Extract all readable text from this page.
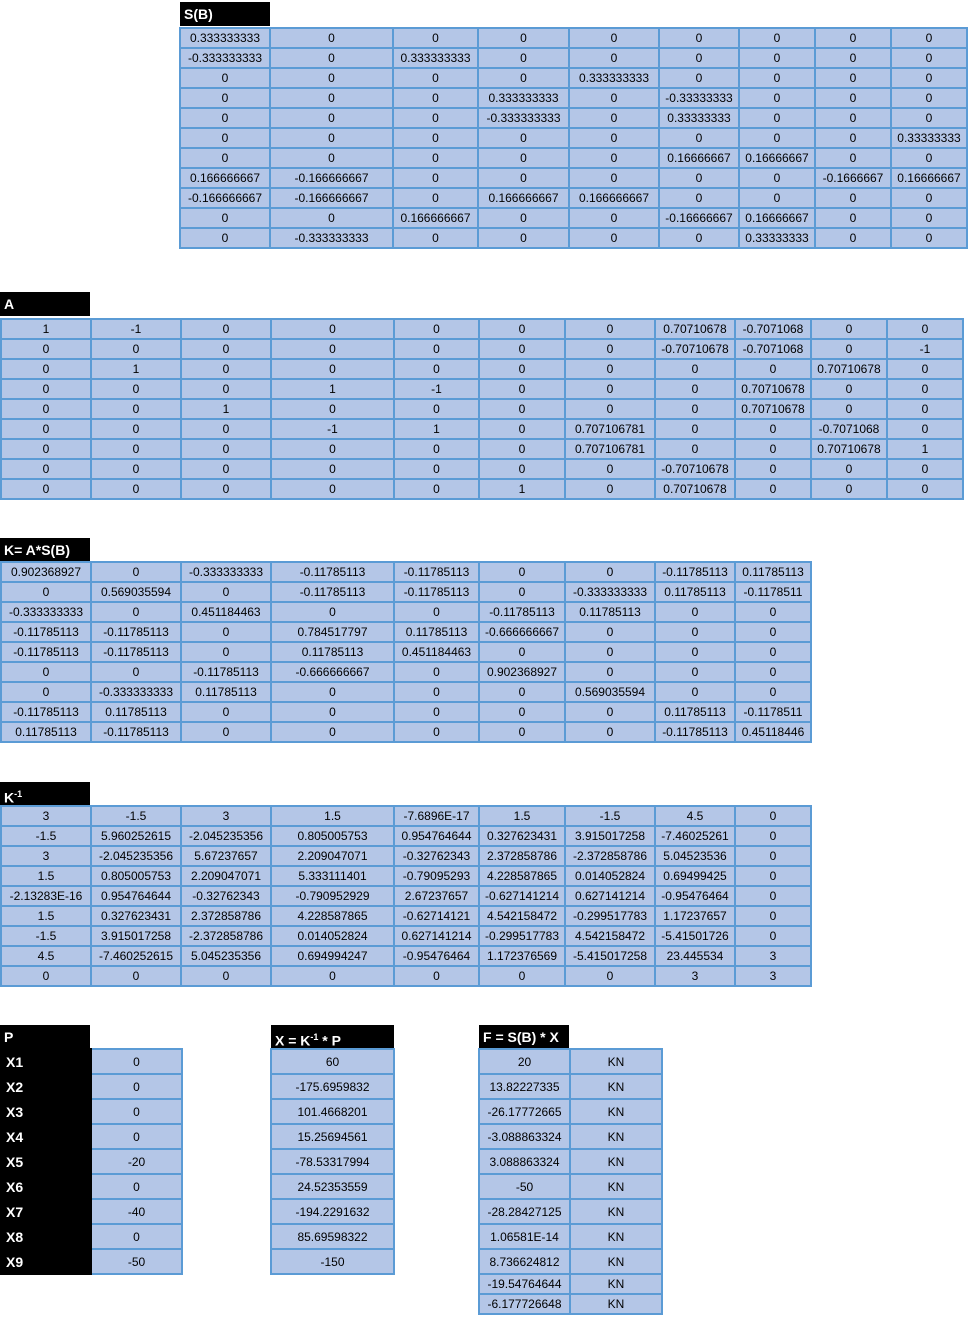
S(B)
0.333333333	0	0	0	0	0	0	0	0
-0.333333333	0	0.333333333	0	0	0	0	0	0
0	0	0	0	0.333333333	0	0	0	0
0	0	0	0.333333333	0	-0.33333333	0	0	0
0	0	0	-0.333333333	0	0.33333333	0	0	0
0	0	0	0	0	0	0	0	0.33333333
0	0	0	0	0	0.16666667	0.16666667	0	0
0.166666667	-0.166666667	0	0	0	0	0	-0.1666667	0.16666667
-0.166666667	-0.166666667	0	0.166666667	0.166666667	0	0	0	0
0	0	0.166666667	0	0	-0.16666667	0.16666667	0	0
0	-0.333333333	0	0	0	0	0.33333333	0	0
A
1	-1	0	0	0	0	0	0.70710678	-0.7071068	0	0
0	0	0	0	0	0	0	-0.70710678	-0.7071068	0	-1
0	1	0	0	0	0	0	0	0	0.70710678	0
0	0	0	1	-1	0	0	0	0.70710678	0	0
0	0	1	0	0	0	0	0	0.70710678	0	0
0	0	0	-1	1	0	0.707106781	0	0	-0.7071068	0
0	0	0	0	0	0	0.707106781	0	0	0.70710678	1
0	0	0	0	0	0	0	-0.70710678	0	0	0
0	0	0	0	0	1	0	0.70710678	0	0	0
K= A*S(B)
0.902368927	0	-0.333333333	-0.11785113	-0.11785113	0	0	-0.11785113	0.11785113
0	0.569035594	0	-0.11785113	-0.11785113	0	-0.333333333	0.11785113	-0.1178511
-0.333333333	0	0.451184463	0	0	-0.11785113	0.11785113	0	0
-0.11785113	-0.11785113	0	0.784517797	0.11785113	-0.666666667	0	0	0
-0.11785113	-0.11785113	0	0.11785113	0.451184463	0	0	0	0
0	0	-0.11785113	-0.666666667	0	0.902368927	0	0	0
0	-0.333333333	0.11785113	0	0	0	0.569035594	0	0
-0.11785113	0.11785113	0	0	0	0	0	0.11785113	-0.1178511
0.11785113	-0.11785113	0	0	0	0	0	-0.11785113	0.45118446
$K^{-1}$
3	-1.5	3	1.5	-7.6896E-17	1.5	-1.5	4.5	0
-1.5	5.960252615	-2.045235356	0.805005753	0.954764644	0.327623431	3.915017258	-7.46025261	0
3	-2.045235356	5.67237657	2.209047071	-0.32762343	2.372858786	-2.372858786	5.04523536	0
1.5	0.805005753	2.209047071	5.333111401	-0.79095293	4.228587865	0.014052824	0.69499425	0
-2.13283E-16	0.954764644	-0.32762343	-0.790952929	2.67237657	-0.627141214	0.627141214	-0.95476464	0
1.5	0.327623431	2.372858786	4.228587865	-0.62714121	4.542158472	-0.299517783	1.17237657	0
-1.5	3.915017258	-2.372858786	0.014052824	0.627141214	-0.299517783	4.542158472	-5.41501726	0
4.5	-7.460252615	5.045235356	0.694994247	-0.95476464	1.172376569	-5.415017258	23.445534	3
0	0	0	0	0	0	0	3	3
P
X1	0
X2	0
X3	0
X4	0
X5	-20
X6	0
X7	-40
X8	0
X9	-50
$X = K^{-1} * P$
60
-175.6959832
101.4668201
15.25694561
-78.53317994
24.52353559
-194.2291632
85.69598322
-150
F = S(B) * X
20	KN
13.82227335	KN
-26.17772665	KN
-3.088863324	KN
3.088863324	KN
-50	KN
-28.28427125	KN
1.06581E-14	KN
8.736624812	KN
-19.54764644	KN
-6.177726648	KN
